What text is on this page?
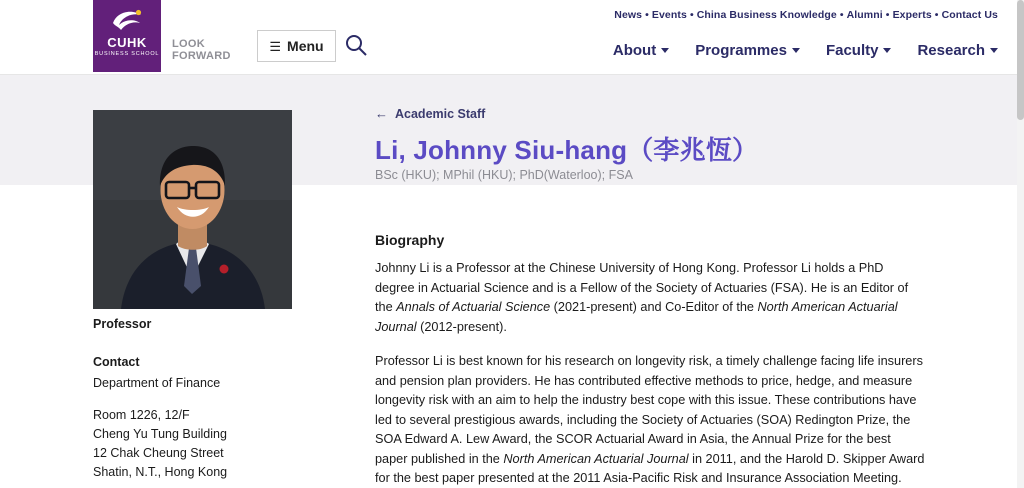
CUHK
BUSINESS SCHOOL
LOOK
FORWARD
☰ Menu
News • Events • China Business Knowledge • Alumni • Experts • Contact Us
About	Programmes	Faculty	Research
← Academic Staff
Li, Johnny Siu-hang（李兆恆）
BSc (HKU); MPhil (HKU); PhD(Waterloo); FSA
Professor
Contact
Department of Finance
Room 1226, 12/F
Cheng Yu Tung Building
12 Chak Cheung Street
Shatin, N.T., Hong Kong
Biography

Johnny Li is a Professor at the Chinese University of Hong Kong. Professor Li holds a PhD degree in Actuarial Science and is a Fellow of the Society of Actuaries (FSA). He is an Editor of the Annals of Actuarial Science (2021-present) and Co-Editor of the North American Actuarial Journal (2012-present).

Professor Li is best known for his research on longevity risk, a timely challenge facing life insurers and pension plan providers. He has contributed effective methods to price, hedge, and measure longevity risk with an aim to help the industry best cope with this issue. These contributions have led to several prestigious awards, including the Society of Actuaries (SOA) Redington Prize, the SOA Edward A. Lew Award, the SCOR Actuarial Award in Asia, the Annual Prize for the best paper published in the North American Actuarial Journal in 2011, and the Harold D. Skipper Award for the best paper presented at the 2011 Asia-Pacific Risk and Insurance Association Meeting.
